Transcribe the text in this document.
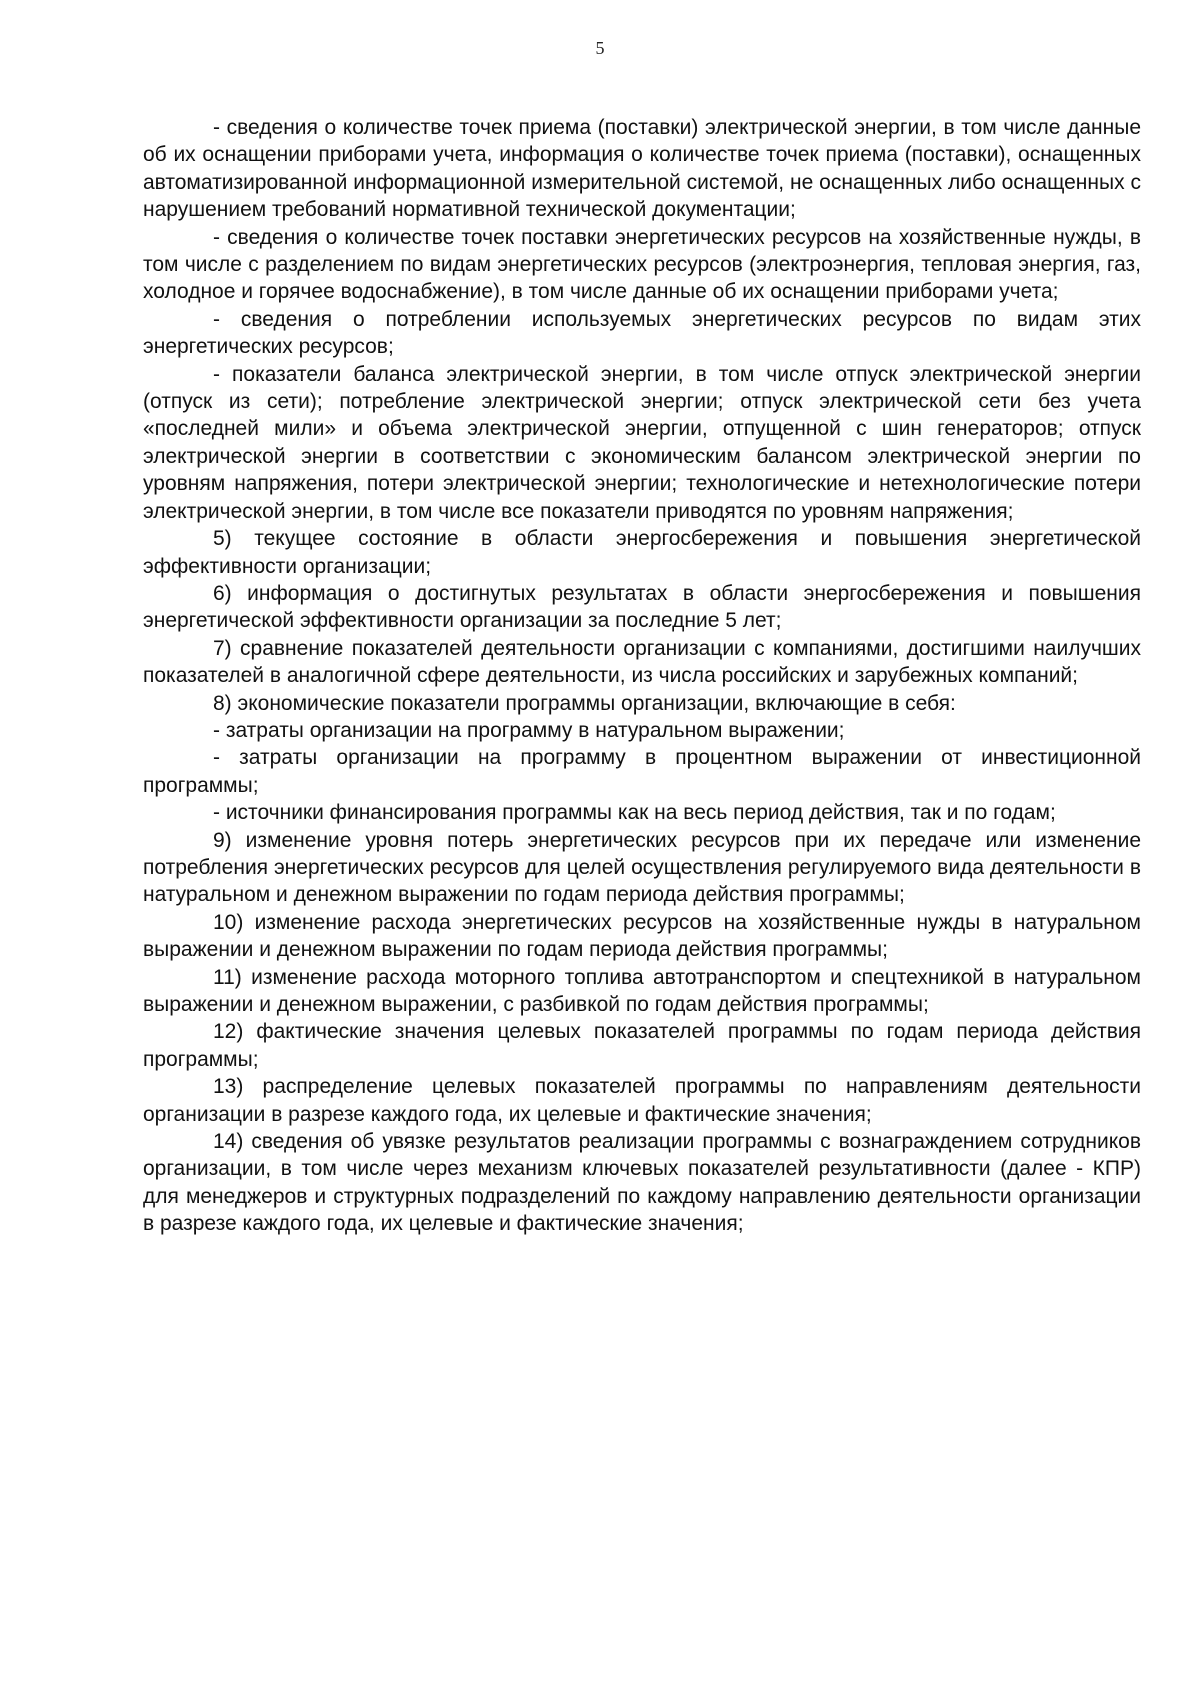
5

- сведения о количестве точек приема (поставки) электрической энергии, в том числе данные об их оснащении приборами учета, информация о количестве точек приема (поставки), оснащенных автоматизированной информационной измерительной системой, не оснащенных либо оснащенных с нарушением требований нормативной технической документации;

- сведения о количестве точек поставки энергетических ресурсов на хозяйственные нужды, в том числе с разделением по видам энергетических ресурсов (электроэнергия, тепловая энергия, газ, холодное и горячее водоснабжение), в том числе данные об их оснащении приборами учета;

- сведения о потреблении используемых энергетических ресурсов по видам этих энергетических ресурсов;

- показатели баланса электрической энергии, в том числе отпуск электрической энергии (отпуск из сети); потребление электрической энергии; отпуск электрической сети без учета «последней мили» и объема электрической энергии, отпущенной с шин генераторов; отпуск электрической энергии в соответствии с экономическим балансом электрической энергии по уровням напряжения, потери электрической энергии; технологические и нетехнологические потери электрической энергии, в том числе все показатели приводятся по уровням напряжения;

5) текущее состояние в области энергосбережения и повышения энергетической эффективности организации;

6) информация о достигнутых результатах в области энергосбережения и повышения энергетической эффективности организации за последние 5 лет;

7) сравнение показателей деятельности организации с компаниями, достигшими наилучших показателей в аналогичной сфере деятельности, из числа российских и зарубежных компаний;

8) экономические показатели программы организации, включающие в себя:

- затраты организации на программу в натуральном выражении;

- затраты организации на программу в процентном выражении от инвестиционной программы;

- источники финансирования программы как на весь период действия, так и по годам;

9) изменение уровня потерь энергетических ресурсов при их передаче или изменение потребления энергетических ресурсов для целей осуществления регулируемого вида деятельности в натуральном и денежном выражении по годам периода действия программы;

10) изменение расхода энергетических ресурсов на хозяйственные нужды в натуральном выражении и денежном выражении по годам периода действия программы;

11) изменение расхода моторного топлива автотранспортом и спецтехникой в натуральном выражении и денежном выражении, с разбивкой по годам действия программы;

12) фактические значения целевых показателей программы по годам периода действия программы;

13) распределение целевых показателей программы по направлениям деятельности организации в разрезе каждого года, их целевые и фактические значения;

14) сведения об увязке результатов реализации программы с вознаграждением сотрудников организации, в том числе через механизм ключевых показателей результативности (далее - КПР) для менеджеров и структурных подразделений по каждому направлению деятельности организации в разрезе каждого года, их целевые и фактические значения;
